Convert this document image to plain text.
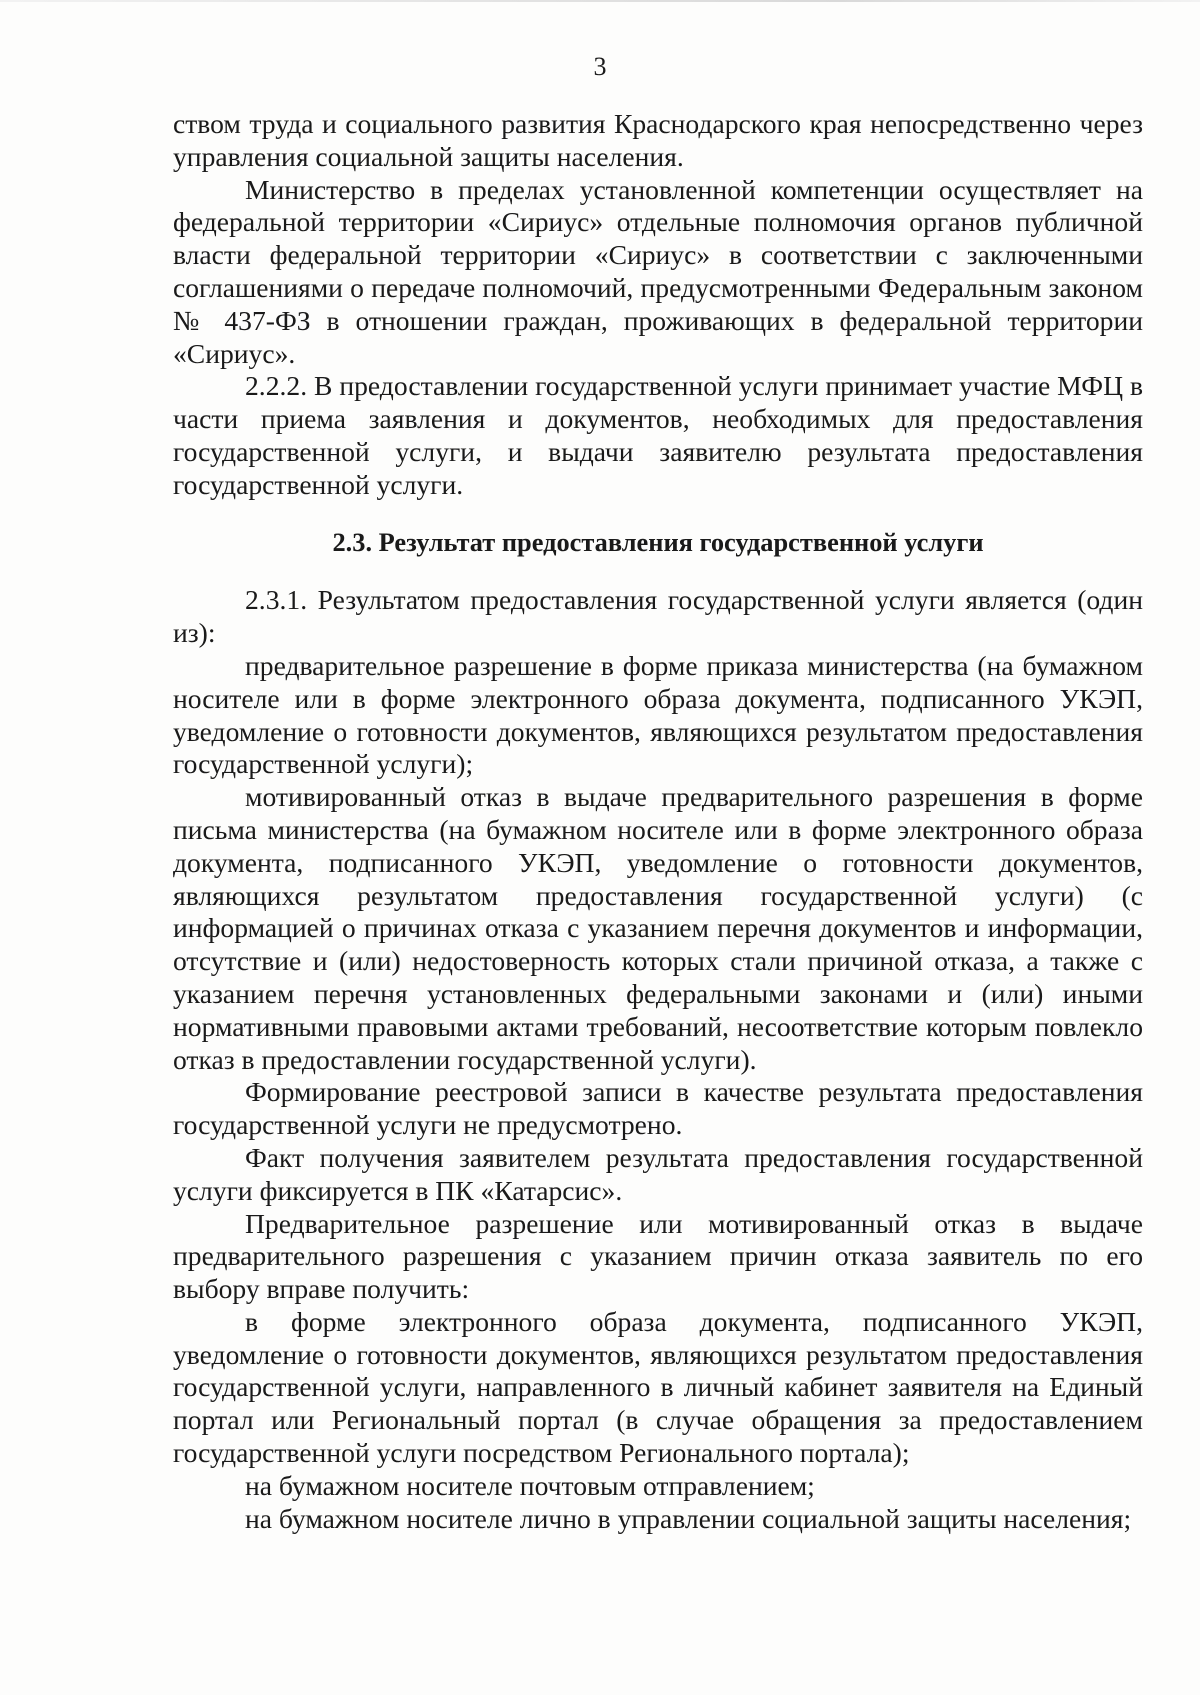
3

ством труда и социального развития Краснодарского края непосредственно через управления социальной защиты населения.

Министерство в пределах установленной компетенции осуществляет на федеральной территории «Сириус» отдельные полномочия органов публичной власти федеральной территории «Сириус» в соответствии с заключенными соглашениями о передаче полномочий, предусмотренными Федеральным законом № 437-ФЗ в отношении граждан, проживающих в федеральной территории «Сириус».

2.2.2. В предоставлении государственной услуги принимает участие МФЦ в части приема заявления и документов, необходимых для предоставления государственной услуги, и выдачи заявителю результата предоставления государственной услуги.

2.3. Результат предоставления государственной услуги

2.3.1. Результатом предоставления государственной услуги является (один из):

предварительное разрешение в форме приказа министерства (на бумажном носителе или в форме электронного образа документа, подписанного УКЭП, уведомление о готовности документов, являющихся результатом предоставления государственной услуги);

мотивированный отказ в выдаче предварительного разрешения в форме письма министерства (на бумажном носителе или в форме электронного образа документа, подписанного УКЭП, уведомление о готовности документов, являющихся результатом предоставления государственной услуги) (с информацией о причинах отказа с указанием перечня документов и информации, отсутствие и (или) недостоверность которых стали причиной отказа, а также с указанием перечня установленных федеральными законами и (или) иными нормативными правовыми актами требований, несоответствие которым повлекло отказ в предоставлении государственной услуги).

Формирование реестровой записи в качестве результата предоставления государственной услуги не предусмотрено.

Факт получения заявителем результата предоставления государственной услуги фиксируется в ПК «Катарсис».

Предварительное разрешение или мотивированный отказ в выдаче предварительного разрешения с указанием причин отказа заявитель по его выбору вправе получить:

в форме электронного образа документа, подписанного УКЭП, уведомление о готовности документов, являющихся результатом предоставления государственной услуги, направленного в личный кабинет заявителя на Единый портал или Региональный портал (в случае обращения за предоставлением государственной услуги посредством Регионального портала);

на бумажном носителе почтовым отправлением;

на бумажном носителе лично в управлении социальной защиты населения;
